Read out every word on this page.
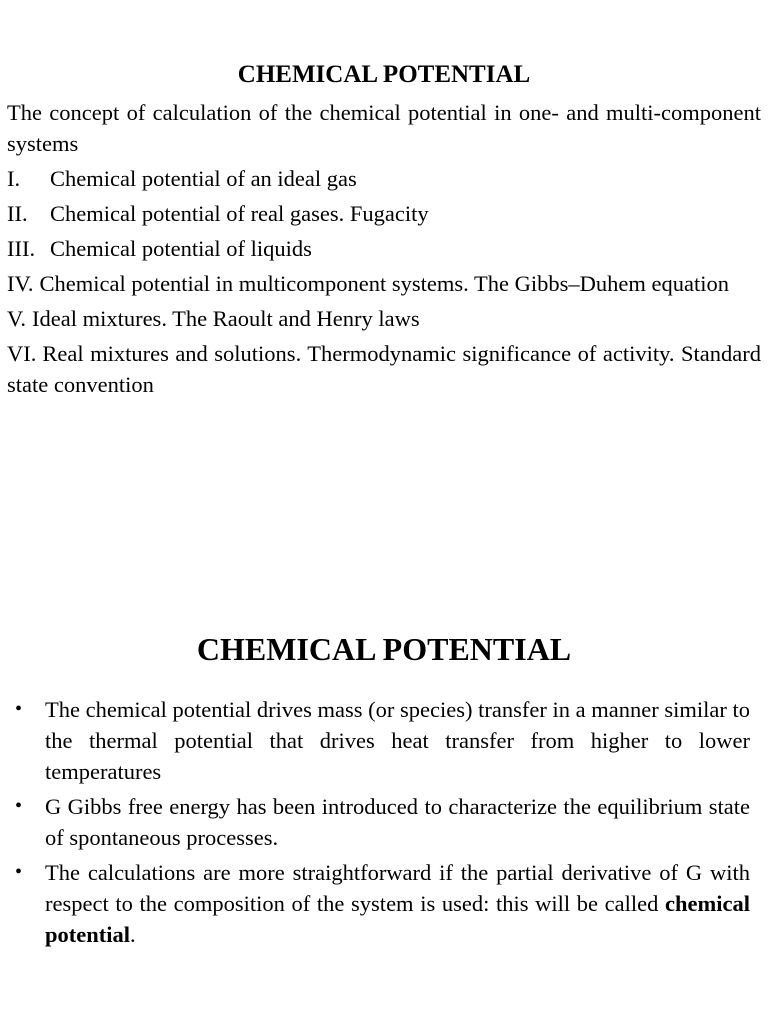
CHEMICAL POTENTIAL

The concept of calculation of the chemical potential in one- and multi-component systems

I.	Chemical potential of an ideal gas
II. Chemical potential of real gases. Fugacity
III. Chemical potential of liquids

IV. Chemical potential in multicomponent systems. The Gibbs–Duhem equation

V. Ideal mixtures. The Raoult and Henry laws

VI. Real mixtures and solutions. Thermodynamic significance of activity. Standard state convention

CHEMICAL POTENTIAL
• The chemical potential drives mass (or species) transfer in a manner similar to the thermal potential that drives heat transfer from higher to lower temperatures
• G Gibbs free energy has been introduced to characterize the equilibrium state of spontaneous processes.
• The calculations are more straightforward if the partial derivative of G with respect to the composition of the system is used: this will be called chemical potential.
